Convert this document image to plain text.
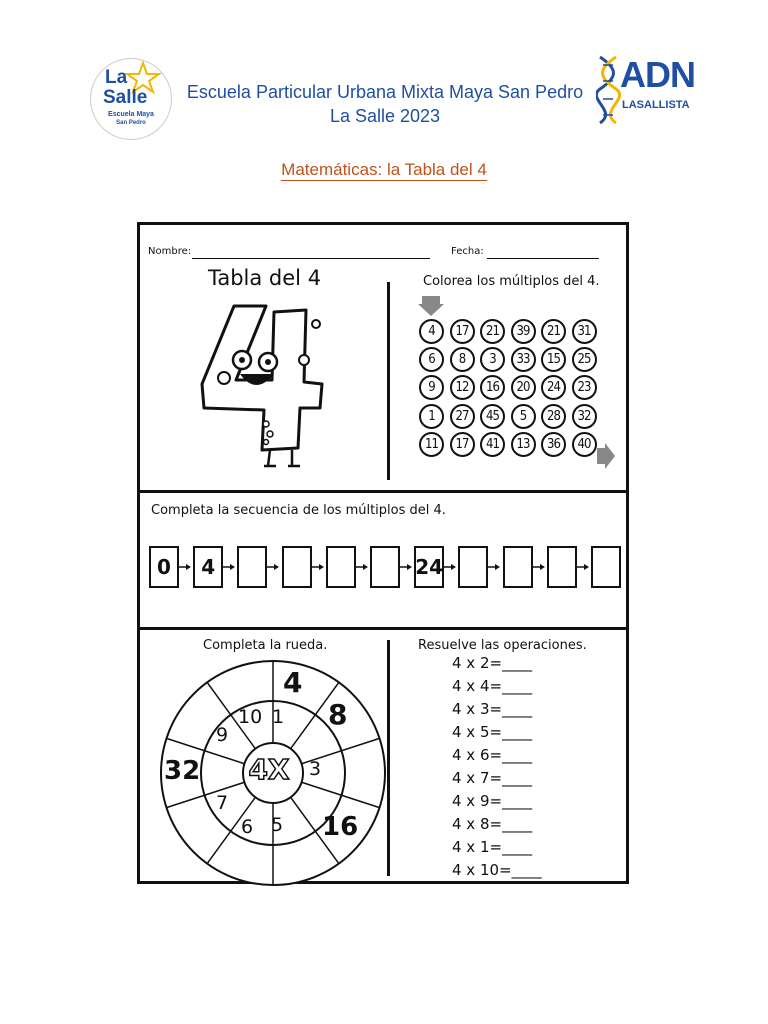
La
Salle
Escuela Maya
San Pedro
Escuela Particular Urbana Mixta Maya San Pedro
La Salle 2023
ADN
LASALLISTA
Matemáticas: la Tabla del 4
Nombre:	Fecha:
Tabla del 4	Colorea los múltiplos del 4.
4	17	21	39	21	31
6	8	3	33	15	25
9	12	16	20	24	23
1	27	45	5	28	32
11	17	41	13	36	40
Completa la secuencia de los múltiplos del 4.
0	4	24
Completa la rueda.	Resuelve las operaciones.
4X
1
3
5
6
7
9
10
4
8
16
32
4 x 2=____
4 x 4=____
4 x 3=____
4 x 5=____
4 x 6=____
4 x 7=____
4 x 9=____
4 x 8=____
4 x 1=____
4 x 10=____
